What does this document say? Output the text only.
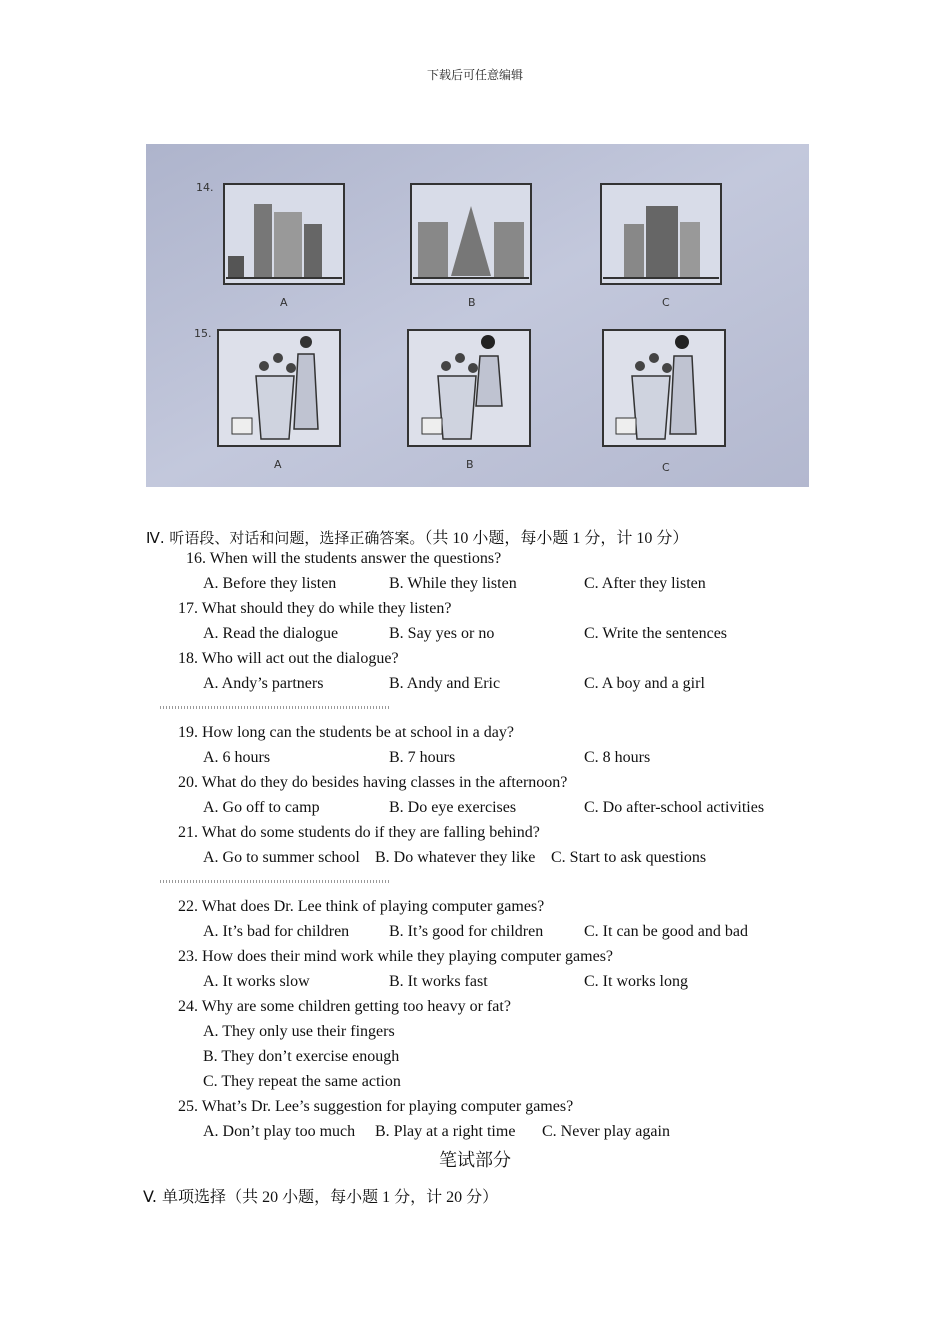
下载后可任意编辑
14.
15.
A	B	C
A	B	C
Ⅳ. 听语段、对话和问题，选择正确答案。（共 10 小题，每小题 1 分，计 10 分）
16. When will the students answer the questions?
A. Before they listen	B. While they listen	C. After they listen
17. What should they do while they listen?
A. Read the dialogue	B. Say yes or no	C. Write the sentences
18. Who will act out the dialogue?
A. Andy’s partners	B. Andy and Eric	C. A boy and a girl
19. How long can the students be at school in a day?
A. 6 hours	B. 7 hours	C. 8 hours
20. What do they do besides having classes in the afternoon?
A. Go off to camp	B. Do eye exercises	C. Do after-school activities
21. What do some students do if they are falling behind?
A. Go to summer school B. Do whatever they like C. Start to ask questions
22. What does Dr. Lee think of playing computer games?
A. It’s bad for children B. It’s good for children	C. It can be good and bad
23. How does their mind work while they playing computer games?
A. It works slow	B. It works fast	C. It works long
24. Why are some children getting too heavy or fat?
A. They only use their fingers
B. They don’t exercise enough
C. They repeat the same action
25. What’s Dr. Lee’s suggestion for playing computer games?
A. Don’t play too much B. Play at a right time C. Never play again
笔试部分
V. 单项选择（共 20 小题，每小题 1 分，计 20 分）
